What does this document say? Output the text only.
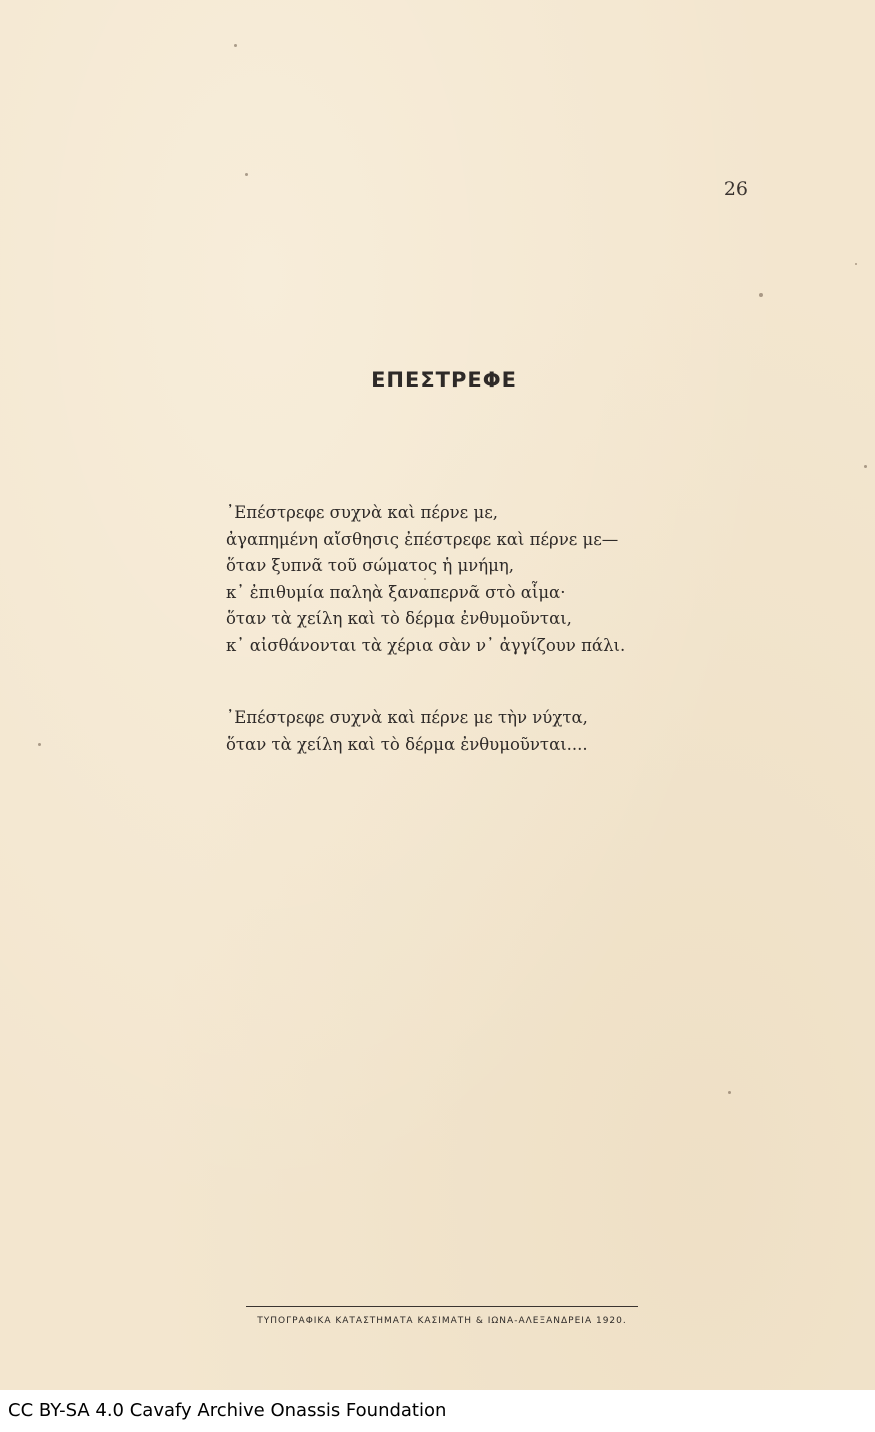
26
ΕΠΕΣΤΡΕΦΕ
᾿Επέστρεφε συχνὰ καὶ πέρνε με,
ἀγαπημένη αἴσθησις ἐπέστρεφε καὶ πέρνε με—
ὅταν ξυπνᾶ τοῦ σώματος ἡ μνήμη,
κ᾿ ἐπιθυμία παληὰ ξαναπερνᾶ στὸ αἷμα·
ὅταν τὰ χείλη καὶ τὸ δέρμα ἐνθυμοῦνται,
κ᾿ αἰσθάνονται τὰ χέρια σὰν ν᾿ ἀγγίζουν πάλι.
᾿Επέστρεφε συχνὰ καὶ πέρνε με τὴν νύχτα,
ὅταν τὰ χείλη καὶ τὸ δέρμα ἐνθυμοῦνται....
ΤΥΠΟΓΡΑΦΙΚΑ ΚΑΤΑΣΤΗΜΑΤΑ ΚΑΣΙΜΑΤΗ & ΙΩΝΑ-ΑΛΕΞΑΝΔΡΕΙΑ 1920.
CC BY-SA 4.0 Cavafy Archive Onassis Foundation
